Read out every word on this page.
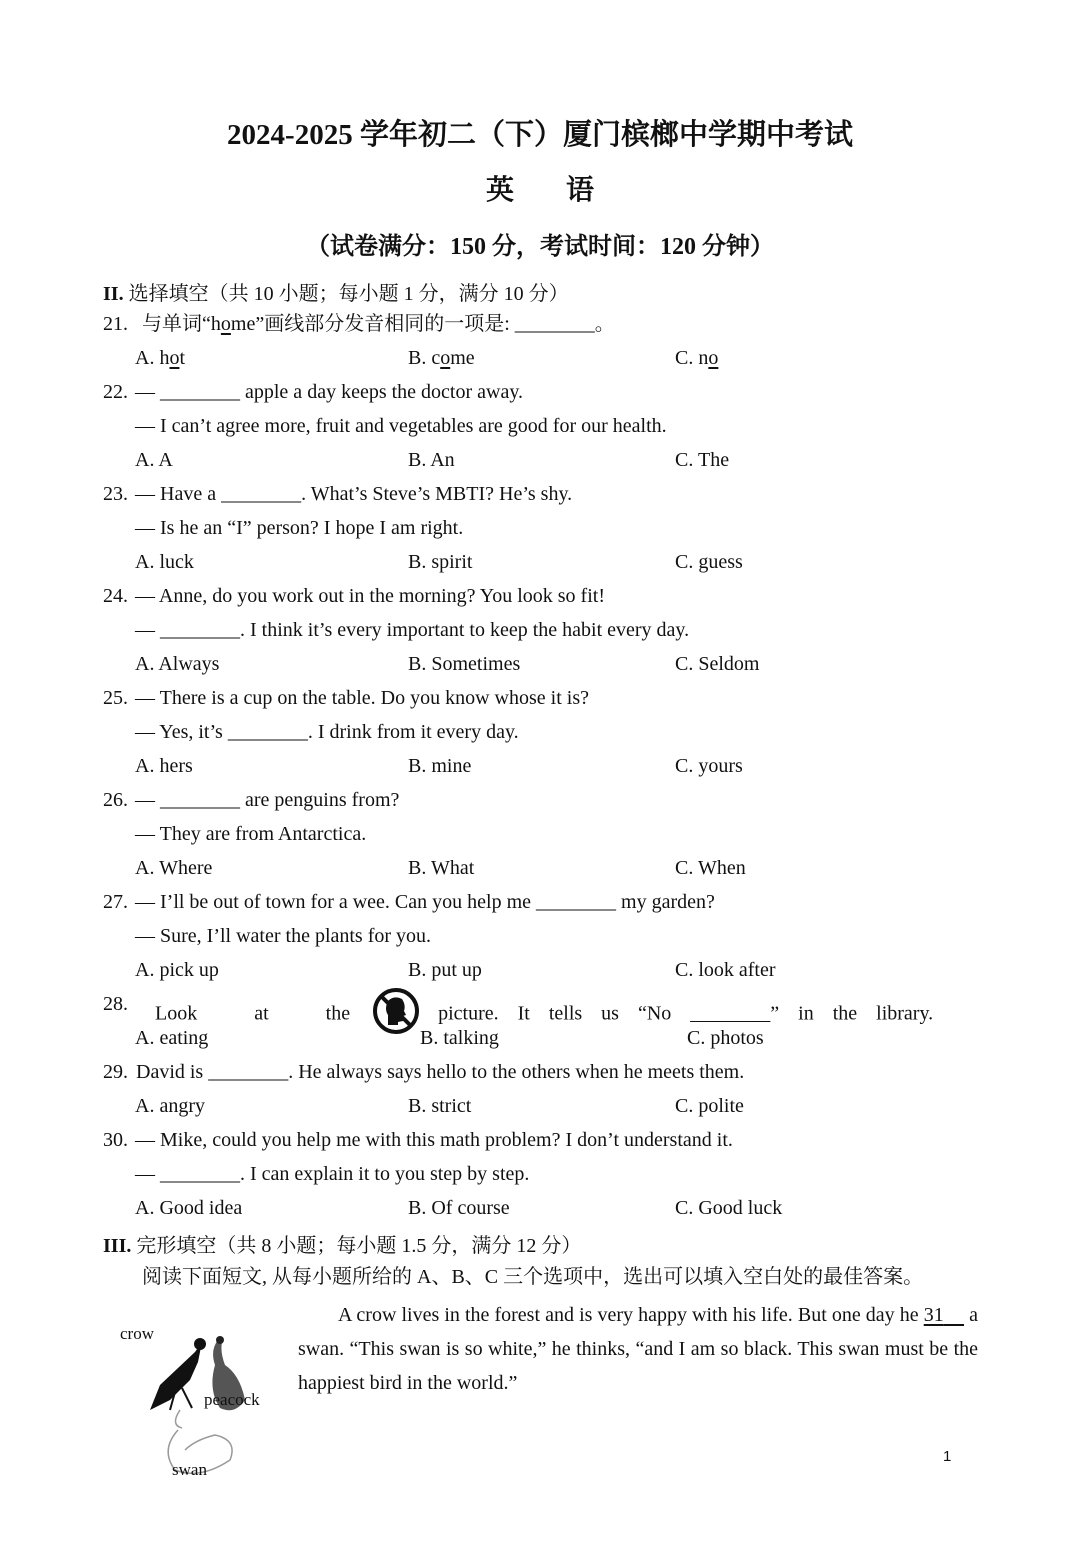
2024-2025 学年初二（下）厦门槟榔中学期中考试
英语
（试卷满分：150 分，考试时间：120 分钟）
II. 选择填空（共 10 小题；每小题 1 分，满分 10 分）
21. 与单词“home”画线部分发音相同的一项是: ________。
A. hot	B. come	C. no
22. — ________ apple a day keeps the doctor away.
— I can’t agree more, fruit and vegetables are good for our health.
A. A	B. An	C. The
23. — Have a ________. What’s Steve’s MBTI? He’s shy.
— Is he an “I” person? I hope I am right.
A. luck	B. spirit	C. guess
24. — Anne, do you work out in the morning? You look so fit!
— ________. I think it’s every important to keep the habit every day.
A. Always	B. Sometimes	C. Seldom
25. — There is a cup on the table. Do you know whose it is?
— Yes, it’s ________. I drink from it every day.
A. hers	B. mine	C. yours
26. — ________ are penguins from?
— They are from Antarctica.
A. Where	B. What	C. When
27. — I’ll be out of town for a wee. Can you help me ________ my garden?
— Sure, I’ll water the plants for you.
A. pick up	B. put up	C. look after
28. Look   at   the	picture. It tells us “No ________” in the library.
A. eating	B. talking	C. photos
29. David is ________. He always says hello to the others when he meets them.
A. angry	B. strict	C. polite
30. — Mike, could you help me with this math problem? I don’t understand it.
— ________. I can explain it to you step by step.
A. Good idea	B. Of course	C. Good luck
III. 完形填空（共 8 小题；每小题 1.5 分，满分 12 分）
阅读下面短文, 从每小题所给的 A、B、C 三个选项中，选出可以填入空白处的最佳答案。

crow

peacock

swan

A crow lives in the forest and is very happy with his life. But one day he 31     a swan. “This swan is so white,” he thinks, “and I am so black. This swan must be the happiest bird in the world.”
1
